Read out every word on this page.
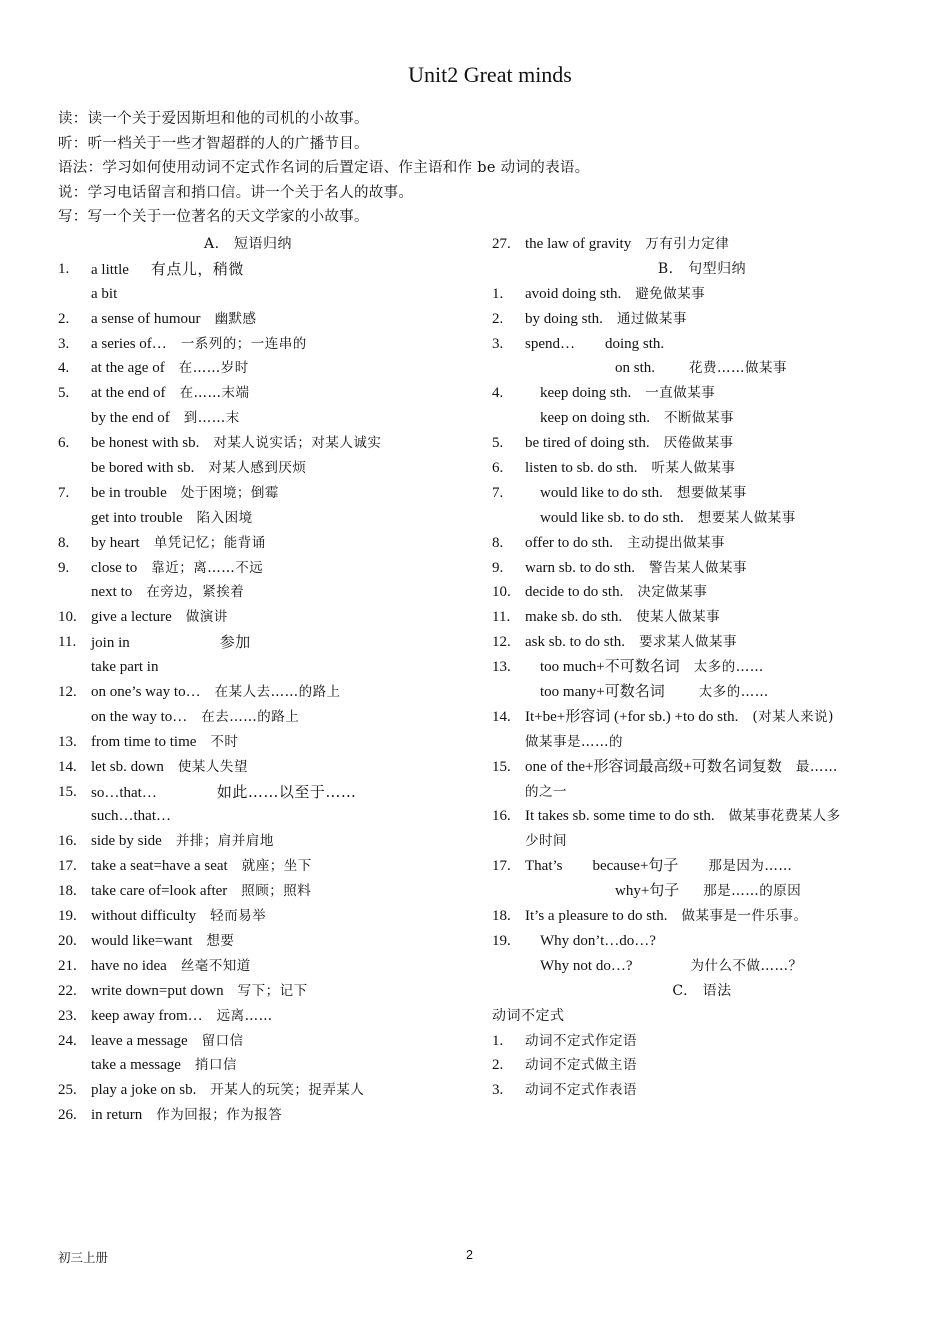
Unit2 Great minds
读：读一个关于爱因斯坦和他的司机的小故事。
听：听一档关于一些才智超群的人的广播节目。
语法：学习如何使用动词不定式作名词的后置定语、作主语和作 be 动词的表语。
说：学习电话留言和捎口信。讲一个关于名人的故事。
写：写一个关于一位著名的天文学家的小故事。
A.　短语归纳
1.	a little 有点儿，稍微
a bit
2.	a sense of humour 幽默感
3.	a series of… 一系列的；一连串的
4.	at the age of 在……岁时
5.	at the end of 在……末端
by the end of 到……末
6.	be honest with sb. 对某人说实话；对某人诚实
be bored with sb. 对某人感到厌烦
7.	be in trouble 处于困境；倒霉
get into trouble 陷入困境
8.	by heart 单凭记忆；能背诵
9.	close to 靠近；离……不远
next to 在旁边，紧挨着
10. give a lecture 做演讲
11. join in	参加
take part in
12. on one’s way to… 在某人去……的路上
on the way to… 在去……的路上
13. from time to time 不时
14. let sb. down 使某人失望
15. so…that…	如此……以至于……
such…that…
16. side by side 并排；肩并肩地
17. take a seat=have a seat 就座；坐下
18. take care of=look after 照顾；照料
19. without difficulty 轻而易举
20. would like=want 想要
21. have no idea 丝毫不知道
22. write down=put down 写下；记下
23. keep away from… 远离……
24. leave a message 留口信
take a message 捎口信
25. play a joke on sb. 开某人的玩笑；捉弄某人
26. in return 作为回报；作为报答
27. the law of gravity 万有引力定律
B.　句型归纳
1.	avoid doing sth. 避免做某事
2.	by doing sth. 通过做某事
3.	spend…　　doing sth.
　　　　　　on sth.	花费……做某事
4.	　keep doing sth. 一直做某事
　keep on doing sth. 不断做某事
5.	be tired of doing sth. 厌倦做某事
6.	listen to sb. do sth. 听某人做某事
7.	　would like to do sth. 想要做某事
　would like sb. to do sth. 想要某人做某事
8.	offer to do sth. 主动提出做某事
9.	warn sb. to do sth. 警告某人做某事
10. decide to do sth. 决定做某事
11. make sb. do sth. 使某人做某事
12. ask sb. to do sth. 要求某人做某事
13. 　too much+不可数名词 太多的……
　too many+可数名词	太多的……
14. It+be+形容词 (+for sb.) +to do sth. (对某人来说)
做某事是……的
15. one of the+形容词最高级+可数名词复数 最……
的之一
16. It takes sb. some time to do sth. 做某事花费某人多
少时间
17. That’s　　because+句子 那是因为……
　　　　　　why+句子 那是……的原因
18. It’s a pleasure to do sth. 做某事是一件乐事。
19. 　Why don’t…do…?
　Why not do…?	为什么不做……？
C.　语法
动词不定式
1.	动词不定式作定语
2.	动词不定式做主语
3.	动词不定式作表语
初三上册	2
